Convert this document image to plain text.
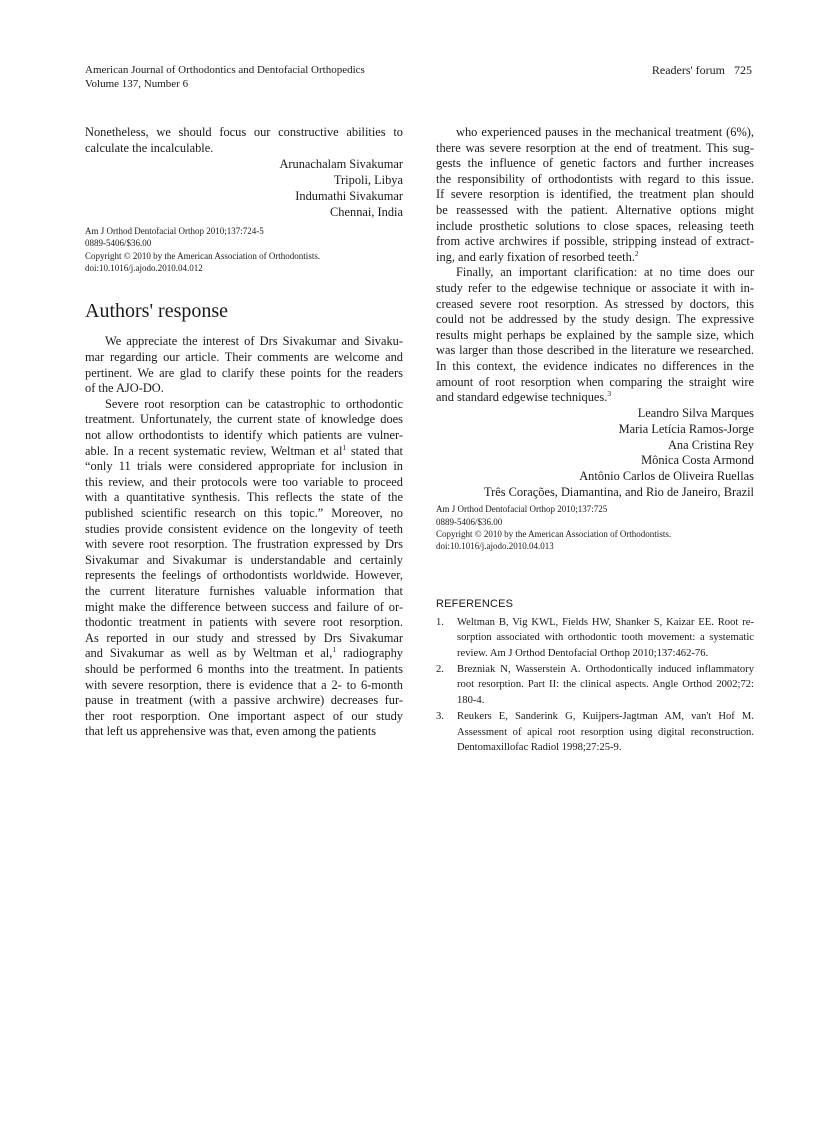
American Journal of Orthodontics and Dentofacial Orthopedics
Volume 137, Number 6
Readers' forum 725
Nonetheless, we should focus our constructive abilities to
calculate the incalculable.
Arunachalam Sivakumar
Tripoli, Libya
Indumathi Sivakumar
Chennai, India
Am J Orthod Dentofacial Orthop 2010;137:724-5
0889-5406/$36.00
Copyright © 2010 by the American Association of Orthodontists.
doi:10.1016/j.ajodo.2010.04.012
Authors' response
We appreciate the interest of Drs Sivakumar and Sivaku-
mar regarding our article. Their comments are welcome and
pertinent. We are glad to clarify these points for the readers
of the AJO-DO.
Severe root resorption can be catastrophic to orthodontic
treatment. Unfortunately, the current state of knowledge does
not allow orthodontists to identify which patients are vulner-
able. In a recent systematic review, Weltman et $al^1$ stated that
“only 11 trials were considered appropriate for inclusion in
this review, and their protocols were too variable to proceed
with a quantitative synthesis. This reflects the state of the
published scientific research on this topic.” Moreover, no
studies provide consistent evidence on the longevity of teeth
with severe root resorption. The frustration expressed by Drs
Sivakumar and Sivakumar is understandable and certainly
represents the feelings of orthodontists worldwide. However,
the current literature furnishes valuable information that
might make the difference between success and failure of or-
thodontic treatment in patients with severe root resorption.
As reported in our study and stressed by Drs Sivakumar
and Sivakumar as well as by Weltman et al,$^1$ radiography
should be performed 6 months into the treatment. In patients
with severe resorption, there is evidence that a 2- to 6-month
pause in treatment (with a passive archwire) decreases fur-
ther root resporption. One important aspect of our study
that left us apprehensive was that, even among the patients
who experienced pauses in the mechanical treatment (6%),
there was severe resorption at the end of treatment. This sug-
gests the influence of genetic factors and further increases
the responsibility of orthodontists with regard to this issue.
If severe resorption is identified, the treatment plan should
be reassessed with the patient. Alternative options might
include prosthetic solutions to close spaces, releasing teeth
from active archwires if possible, stripping instead of extract-
ing, and early fixation of resorbed teeth.$^2$
Finally, an important clarification: at no time does our
study refer to the edgewise technique or associate it with in-
creased severe root resorption. As stressed by doctors, this
could not be addressed by the study design. The expressive
results might perhaps be explained by the sample size, which
was larger than those described in the literature we researched.
In this context, the evidence indicates no differences in the
amount of root resorption when comparing the straight wire
and standard edgewise techniques.$^3$
Leandro Silva Marques
Maria Letícia Ramos-Jorge
Ana Cristina Rey
Mônica Costa Armond
Antônio Carlos de Oliveira Ruellas
Três Corações, Diamantina, and Rio de Janeiro, Brazil
Am J Orthod Dentofacial Orthop 2010;137:725
0889-5406/$36.00
Copyright © 2010 by the American Association of Orthodontists.
doi:10.1016/j.ajodo.2010.04.013
REFERENCES
1. Weltman B, Vig KWL, Fields HW, Shanker S, Kaizar EE. Root re-
sorption associated with orthodontic tooth movement: a systematic
review. Am J Orthod Dentofacial Orthop 2010;137:462-76.
2. Brezniak N, Wasserstein A. Orthodontically induced inflammatory
root resorption. Part II: the clinical aspects. Angle Orthod 2002;72:
180-4.
3. Reukers E, Sanderink G, Kuijpers-Jagtman AM, van't Hof M.
Assessment of apical root resorption using digital reconstruction.
Dentomaxillofac Radiol 1998;27:25-9.
